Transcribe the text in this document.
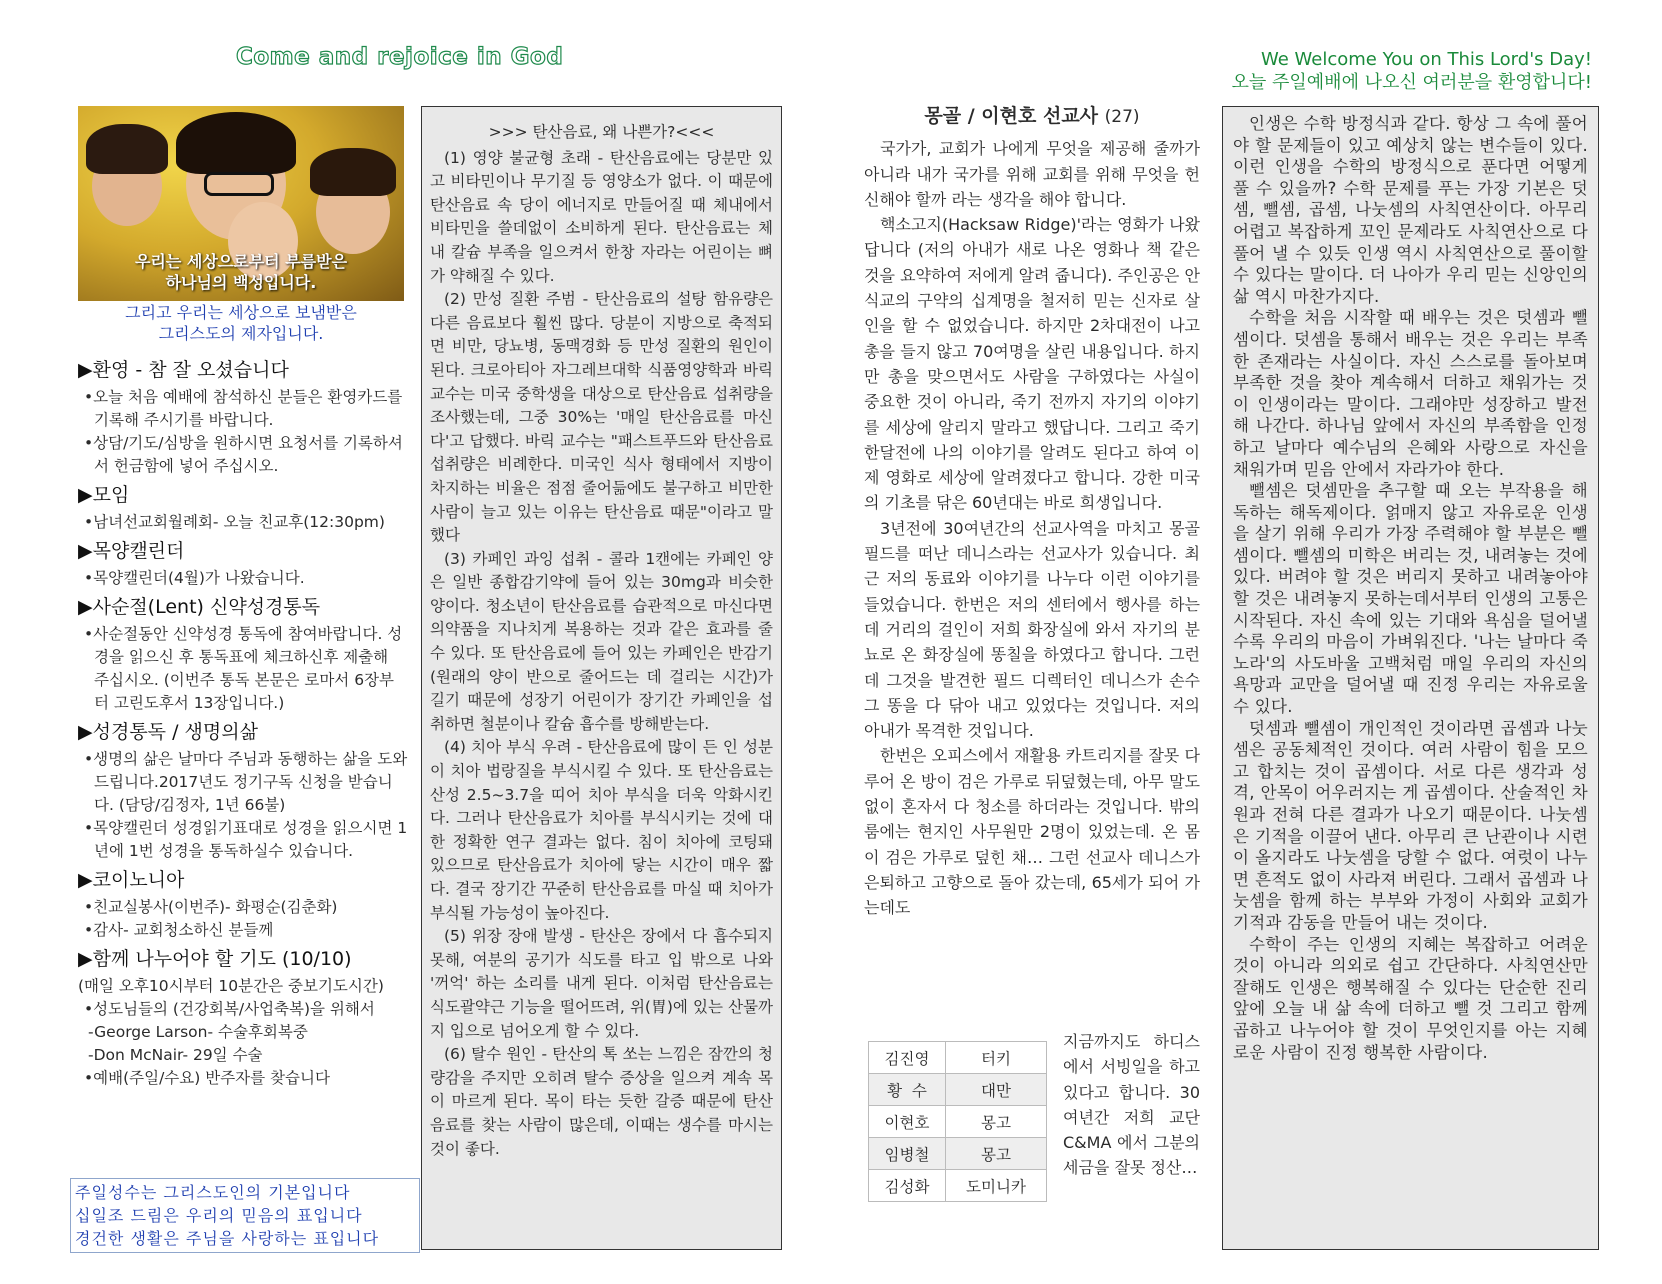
Come and rejoice in God	We Welcome You on This Lord's Day!
오늘 주일예배에 나오신 여러분을 환영합니다!
우리는 세상으로부터 부름받은
하나님의 백성입니다.
그리고 우리는 세상으로 보냄받은
그리스도의 제자입니다.
▶환영 - 참 잘 오셨습니다

•오늘 처음 예배에 참석하신 분들은 환영카드를 기록해 주시기를 바랍니다.

•상담/기도/심방을 원하시면 요청서를 기록하셔서 헌금함에 넣어 주십시오.

▶모임

•남녀선교회월례회- 오늘 친교후(12:30pm)

▶목양캘린더

•목양캘린더(4월)가 나왔습니다.

▶사순절(Lent) 신약성경통독

•사순절동안 신약성경 통독에 참여바랍니다. 성경을 읽으신 후 통독표에 체크하신후 제출해 주십시오. (이번주 통독 본문은 로마서 6장부터 고린도후서 13장입니다.)

▶성경통독 / 생명의삶

•생명의 삶은 날마다 주님과 동행하는 삶을 도와드립니다.2017년도 정기구독 신청을 받습니다. (담당/김정자, 1년 66불)

•목양캘린더 성경읽기표대로 성경을 읽으시면 1년에 1번 성경을 통독하실수 있습니다.

▶코이노니아

•친교실봉사(이번주)- 화평순(김춘화)

•감사- 교회청소하신 분들께

▶함께 나누어야 할 기도 (10/10)

(매일 오후10시부터 10분간은 중보기도시간)

•성도님들의 (건강회복/사업축복)을 위해서

-George Larson- 수술후회복중

-Don McNair- 29일 수술

•예배(주일/수요) 반주자를 찾습니다

주일성수는 그리스도인의 기본입니다
십일조 드림은 우리의 믿음의 표입니다
경건한 생활은 주님을 사랑하는 표입니다
>>> 탄산음료, 왜 나쁜가?<<<

(1) 영양 불균형 초래 - 탄산음료에는 당분만 있고 비타민이나 무기질 등 영양소가 없다. 이 때문에 탄산음료 속 당이 에너지로 만들어질 때 체내에서 비타민을 쓸데없이 소비하게 된다. 탄산음료는 체내 칼슘 부족을 일으켜서 한창 자라는 어린이는 뼈가 약해질 수 있다.

(2) 만성 질환 주범 - 탄산음료의 설탕 함유량은 다른 음료보다 훨씬 많다. 당분이 지방으로 축적되면 비만, 당뇨병, 동맥경화 등 만성 질환의 원인이 된다. 크로아티아 자그레브대학 식품영양학과 바릭 교수는 미국 중학생을 대상으로 탄산음료 섭취량을 조사했는데, 그중 30%는 '매일 탄산음료를 마신다'고 답했다. 바릭 교수는 "패스트푸드와 탄산음료 섭취량은 비례한다. 미국인 식사 형태에서 지방이 차지하는 비율은 점점 줄어듦에도 불구하고 비만한 사람이 늘고 있는 이유는 탄산음료 때문"이라고 말했다

(3) 카페인 과잉 섭취 - 콜라 1캔에는 카페인 양은 일반 종합감기약에 들어 있는 30mg과 비슷한 양이다. 청소년이 탄산음료를 습관적으로 마신다면 의약품을 지나치게 복용하는 것과 같은 효과를 줄 수 있다. 또 탄산음료에 들어 있는 카페인은 반감기(원래의 양이 반으로 줄어드는 데 걸리는 시간)가 길기 때문에 성장기 어린이가 장기간 카페인을 섭취하면 철분이나 칼슘 흡수를 방해받는다.

(4) 치아 부식 우려 - 탄산음료에 많이 든 인 성분이 치아 법랑질을 부식시킬 수 있다. 또 탄산음료는 산성 2.5~3.7을 띠어 치아 부식을 더욱 악화시킨다. 그러나 탄산음료가 치아를 부식시키는 것에 대한 정확한 연구 결과는 없다. 침이 치아에 코팅돼 있으므로 탄산음료가 치아에 닿는 시간이 매우 짧다. 결국 장기간 꾸준히 탄산음료를 마실 때 치아가 부식될 가능성이 높아진다.

(5) 위장 장애 발생 - 탄산은 장에서 다 흡수되지 못해, 여분의 공기가 식도를 타고 입 밖으로 나와 '꺼억' 하는 소리를 내게 된다. 이처럼 탄산음료는 식도괄약근 기능을 떨어뜨려, 위(胃)에 있는 산물까지 입으로 넘어오게 할 수 있다.

(6) 탈수 원인 - 탄산의 톡 쏘는 느낌은 잠깐의 청량감을 주지만 오히려 탈수 증상을 일으켜 계속 목이 마르게 된다. 목이 타는 듯한 갈증 때문에 탄산음료를 찾는 사람이 많은데, 이때는 생수를 마시는 것이 좋다.

몽골 / 이현호 선교사 (27)

국가가, 교회가 나에게 무엇을 제공해 줄까가 아니라 내가 국가를 위해 교회를 위해 무엇을 헌신해야 할까 라는 생각을 해야 합니다.

핵소고지(Hacksaw Ridge)'라는 영화가 나왔답니다 (저의 아내가 새로 나온 영화나 책 같은 것을 요약하여 저에게 알려 줍니다). 주인공은 안식교의 구약의 십계명을 철저히 믿는 신자로 살인을 할 수 없었습니다. 하지만 2차대전이 나고 총을 들지 않고 70여명을 살린 내용입니다. 하지만 총을 맞으면서도 사람을 구하였다는 사실이 중요한 것이 아니라, 죽기 전까지 자기의 이야기를 세상에 알리지 말라고 했답니다. 그리고 죽기 한달전에 나의 이야기를 알려도 된다고 하여 이제 영화로 세상에 알려졌다고 합니다. 강한 미국의 기초를 닦은 60년대는 바로 희생입니다.

3년전에 30여년간의 선교사역을 마치고 몽골필드를 떠난 데니스라는 선교사가 있습니다. 최근 저의 동료와 이야기를 나누다 이런 이야기를 들었습니다. 한번은 저의 센터에서 행사를 하는데 거리의 걸인이 저희 화장실에 와서 자기의 분뇨로 온 화장실에 똥칠을 하였다고 합니다. 그런데 그것을 발견한 필드 디렉터인 데니스가 손수 그 똥을 다 닦아 내고 있었다는 것입니다. 저의 아내가 목격한 것입니다.

한번은 오피스에서 재활용 카트리지를 잘못 다루어 온 방이 검은 가루로 뒤덮혔는데, 아무 말도 없이 혼자서 다 청소를 하더라는 것입니다. 밖의 룸에는 현지인 사무원만 2명이 있었는데. 온 몸이 검은 가루로 덮힌 채… 그런 선교사 데니스가 은퇴하고 고향으로 돌아 갔는데, 65세가 되어 가는데도

김진영	터키
황  수	대만
이현호	몽고
임병철	몽고
김성화	도미니카
지금까지도 하디스에서 서빙일을 하고 있다고 합니다. 30여년간 저희 교단 C&MA 에서 그분의 세금을 잘못 정산…

인생은 수학 방정식과 같다. 항상 그 속에 풀어야 할 문제들이 있고 예상치 않는 변수들이 있다. 이런 인생을 수학의 방정식으로 푼다면 어떻게 풀 수 있을까? 수학 문제를 푸는 가장 기본은 덧셈, 뺄셈, 곱셈, 나눗셈의 사칙연산이다. 아무리 어렵고 복잡하게 꼬인 문제라도 사칙연산으로 다 풀어 낼 수 있듯 인생 역시 사칙연산으로 풀이할 수 있다는 말이다. 더 나아가 우리 믿는 신앙인의 삶 역시 마찬가지다.

수학을 처음 시작할 때 배우는 것은 덧셈과 뺄셈이다. 덧셈을 통해서 배우는 것은 우리는 부족한 존재라는 사실이다. 자신 스스로를 돌아보며 부족한 것을 찾아 계속해서 더하고 채워가는 것이 인생이라는 말이다. 그래야만 성장하고 발전해 나간다. 하나님 앞에서 자신의 부족함을 인정하고 날마다 예수님의 은혜와 사랑으로 자신을 채워가며 믿음 안에서 자라가야 한다.

뺄셈은 덧셈만을 추구할 때 오는 부작용을 해독하는 해독제이다. 얽매지 않고 자유로운 인생을 살기 위해 우리가 가장 주력해야 할 부분은 뺄셈이다. 뺄셈의 미학은 버리는 것, 내려놓는 것에 있다. 버려야 할 것은 버리지 못하고 내려놓아야 할 것은 내려놓지 못하는데서부터 인생의 고통은 시작된다. 자신 속에 있는 기대와 욕심을 덜어낼수록 우리의 마음이 가벼워진다. '나는 날마다 죽노라'의 사도바울 고백처럼 매일 우리의 자신의 욕망과 교만을 덜어낼 때 진정 우리는 자유로울 수 있다.

덧셈과 뺄셈이 개인적인 것이라면 곱셈과 나눗셈은 공동체적인 것이다. 여러 사람이 힘을 모으고 합치는 것이 곱셈이다. 서로 다른 생각과 성격, 안목이 어우러지는 게 곱셈이다. 산술적인 차원과 전혀 다른 결과가 나오기 때문이다. 나눗셈은 기적을 이끌어 낸다. 아무리 큰 난관이나 시련이 올지라도 나눗셈을 당할 수 없다. 여럿이 나누면 흔적도 없이 사라져 버린다. 그래서 곱셈과 나눗셈을 함께 하는 부부와 가정이 사회와 교회가 기적과 감동을 만들어 내는 것이다.

수학이 주는 인생의 지혜는 복잡하고 어려운 것이 아니라 의외로 쉽고 간단하다. 사칙연산만 잘해도 인생은 행복해질 수 있다는 단순한 진리 앞에 오늘 내 삶 속에 더하고 뺄 것 그리고 함께 곱하고 나누어야 할 것이 무엇인지를 아는 지혜로운 사람이 진정 행복한 사람이다.
